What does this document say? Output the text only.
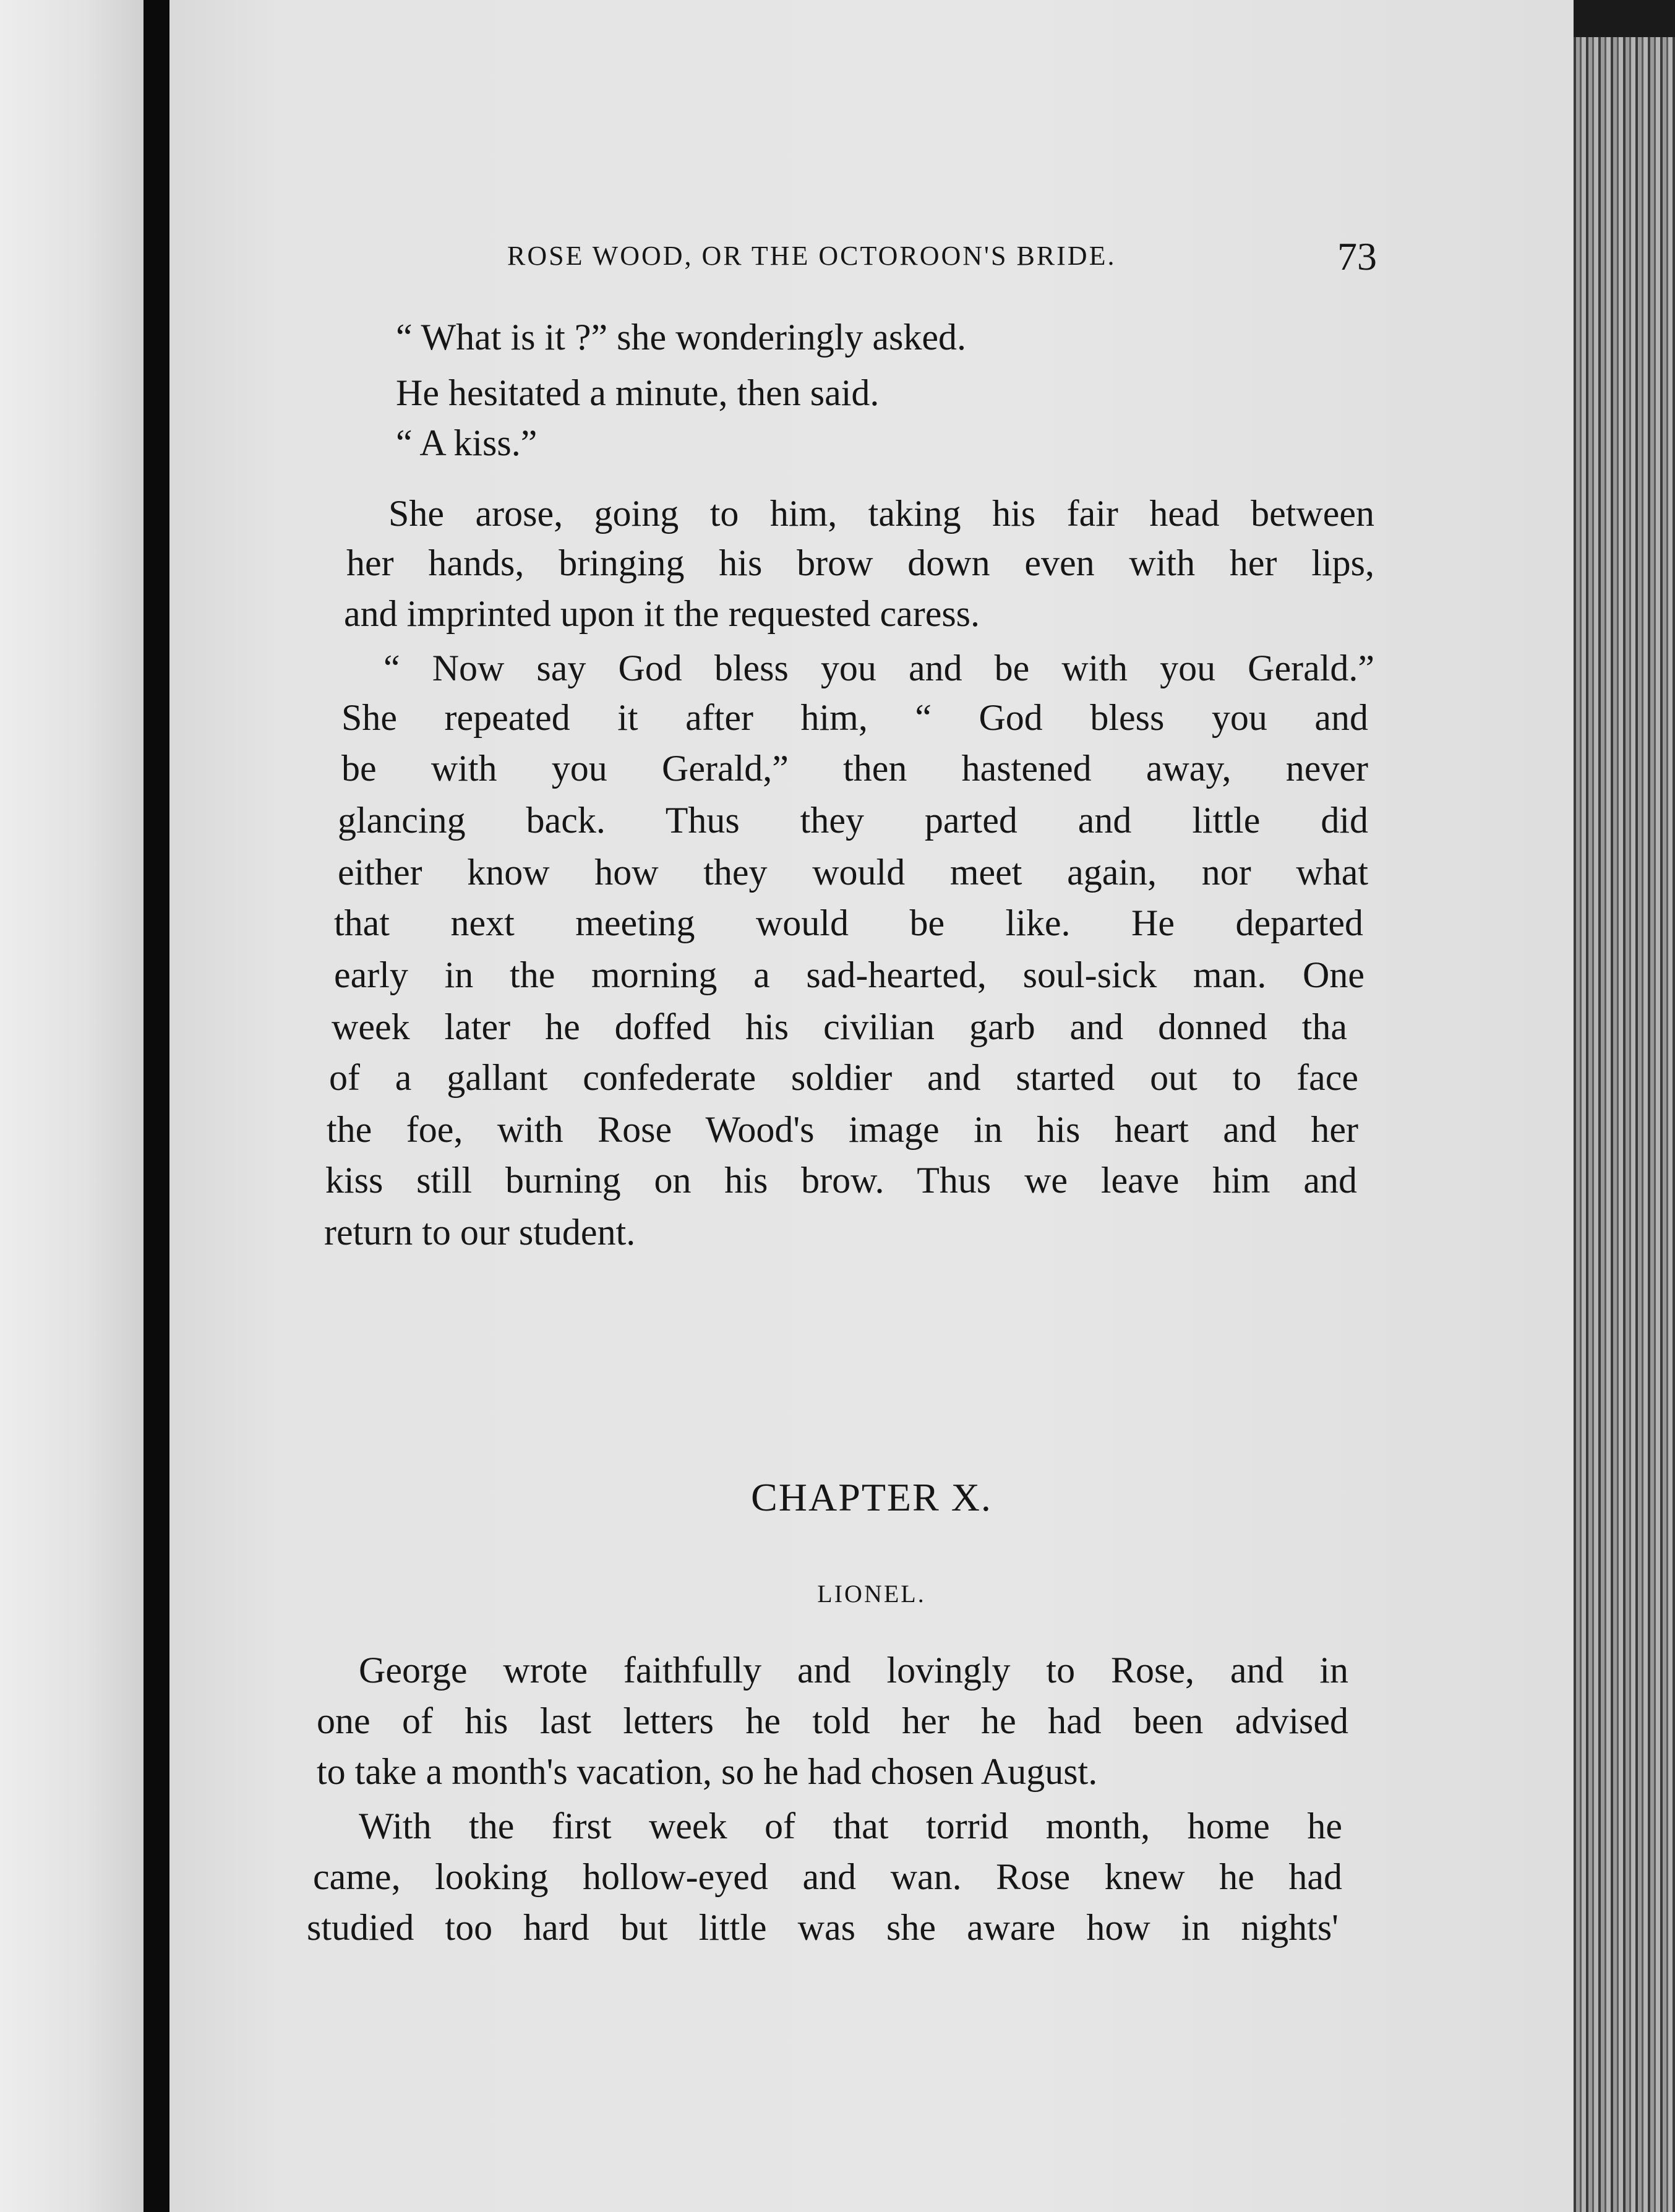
ROSE WOOD, OR THE OCTOROON'S BRIDE.	73
“ What is it ?” she wonderingly asked.
He hesitated a minute, then said.
“ A kiss.”
She arose, going to him, taking his fair head between
her hands, bringing his brow down even with her lips,
and imprinted upon it the requested caress.
“ Now say God bless you and be with you Gerald.”
She repeated it after him, “ God bless you and
be with you Gerald,” then hastened away, never
glancing back. Thus they parted and little did
either know how they would meet again, nor what
that next meeting would be like. He departed
early in the morning a sad-hearted, soul-sick man. One
week later he doffed his civilian garb and donned tha
of a gallant confederate soldier and started out to face
the foe, with Rose Wood's image in his heart and her
kiss still burning on his brow. Thus we leave him and
return to our student.
CHAPTER X.
LIONEL.
George wrote faithfully and lovingly to Rose, and in
one of his last letters he told her he had been advised
to take a month's vacation, so he had chosen August.
With the first week of that torrid month, home he
came, looking hollow-eyed and wan. Rose knew he had
studied too hard but little was she aware how in nights'
